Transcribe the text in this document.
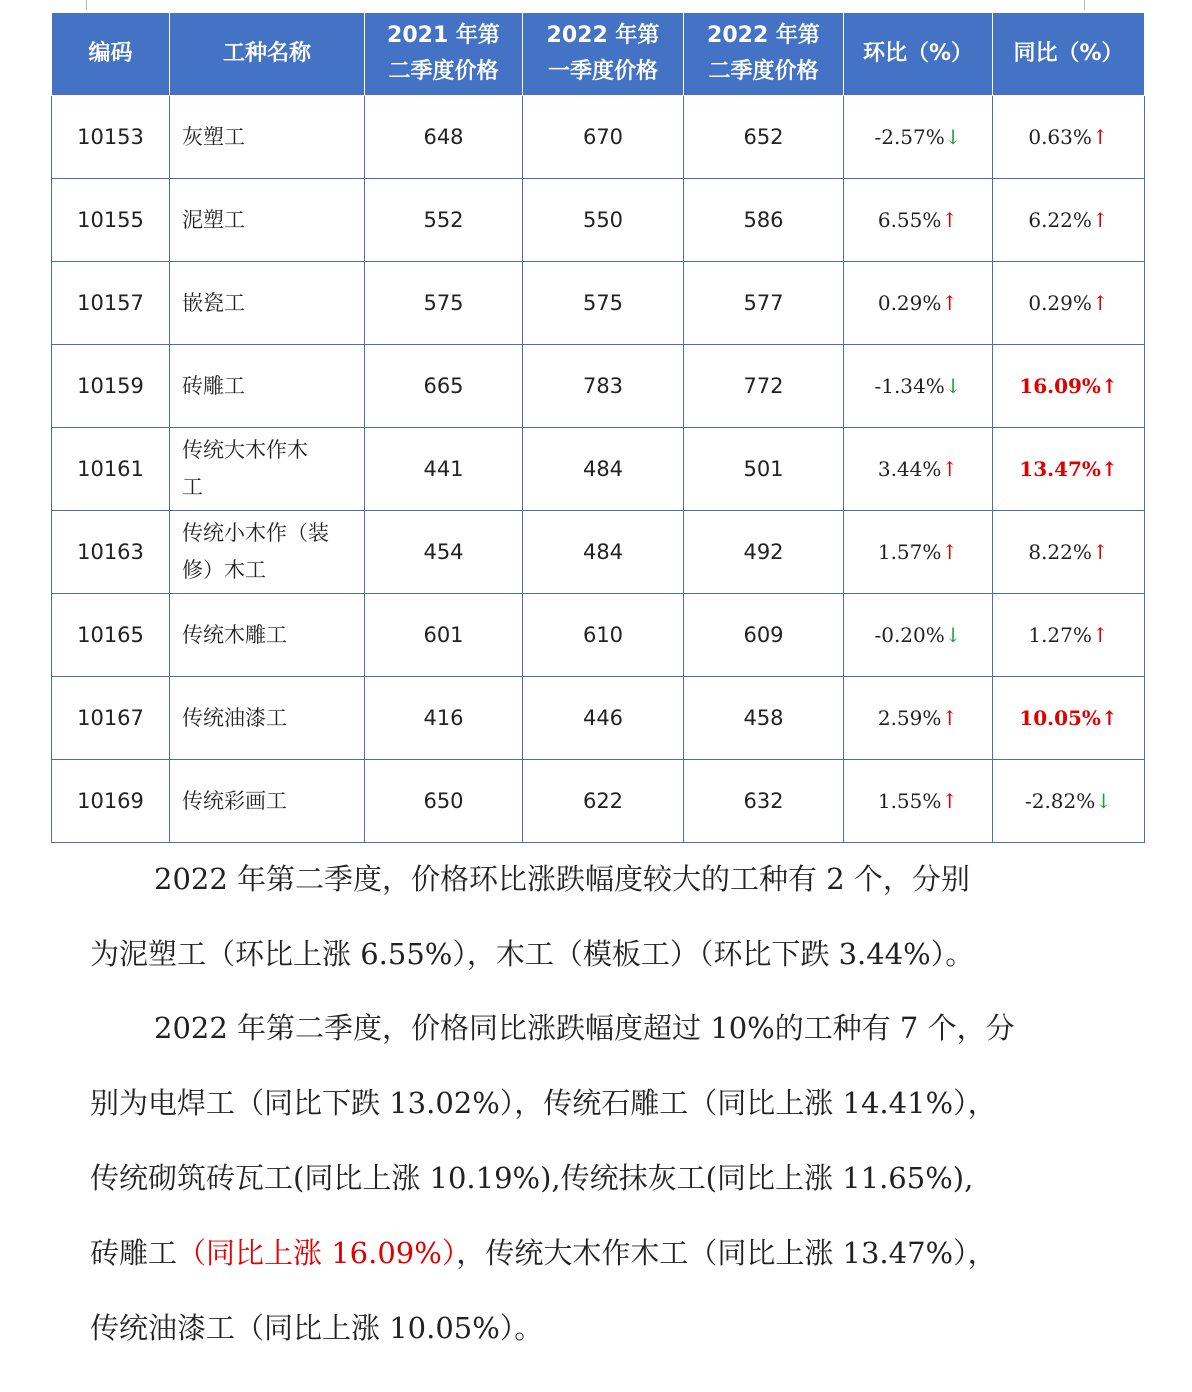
编码	工种名称	2021 年第
二季度价格	2022 年第
一季度价格	2022 年第
二季度价格	环比（%）	同比（%）
10153	灰塑工	648	670	652	-2.57%↓	0.63%↑
10155	泥塑工	552	550	586	6.55%↑	6.22%↑
10157	嵌瓷工	575	575	577	0.29%↑	0.29%↑
10159	砖雕工	665	783	772	-1.34%↓	16.09%↑
10161	传统大木作木
工	441	484	501	3.44%↑	13.47%↑
10163	传统小木作（装
修）木工	454	484	492	1.57%↑	8.22%↑
10165	传统木雕工	601	610	609	-0.20%↓	1.27%↑
10167	传统油漆工	416	446	458	2.59%↑	10.05%↑
10169	传统彩画工	650	622	632	1.55%↑	-2.82%↓

2022 年第二季度，价格环比涨跌幅度较大的工种有 2 个，分别
为泥塑工（环比上涨 6.55%），木工（模板工）（环比下跌 3.44%）。

2022 年第二季度，价格同比涨跌幅度超过 10%的工种有 7 个，分
别为电焊工（同比下跌 13.02%），传统石雕工（同比上涨 14.41%），
传统砌筑砖瓦工(同比上涨 10.19%),传统抹灰工(同比上涨 11.65%),
砖雕工（同比上涨 16.09%），传统大木作木工（同比上涨 13.47%），
传统油漆工（同比上涨 10.05%）。
